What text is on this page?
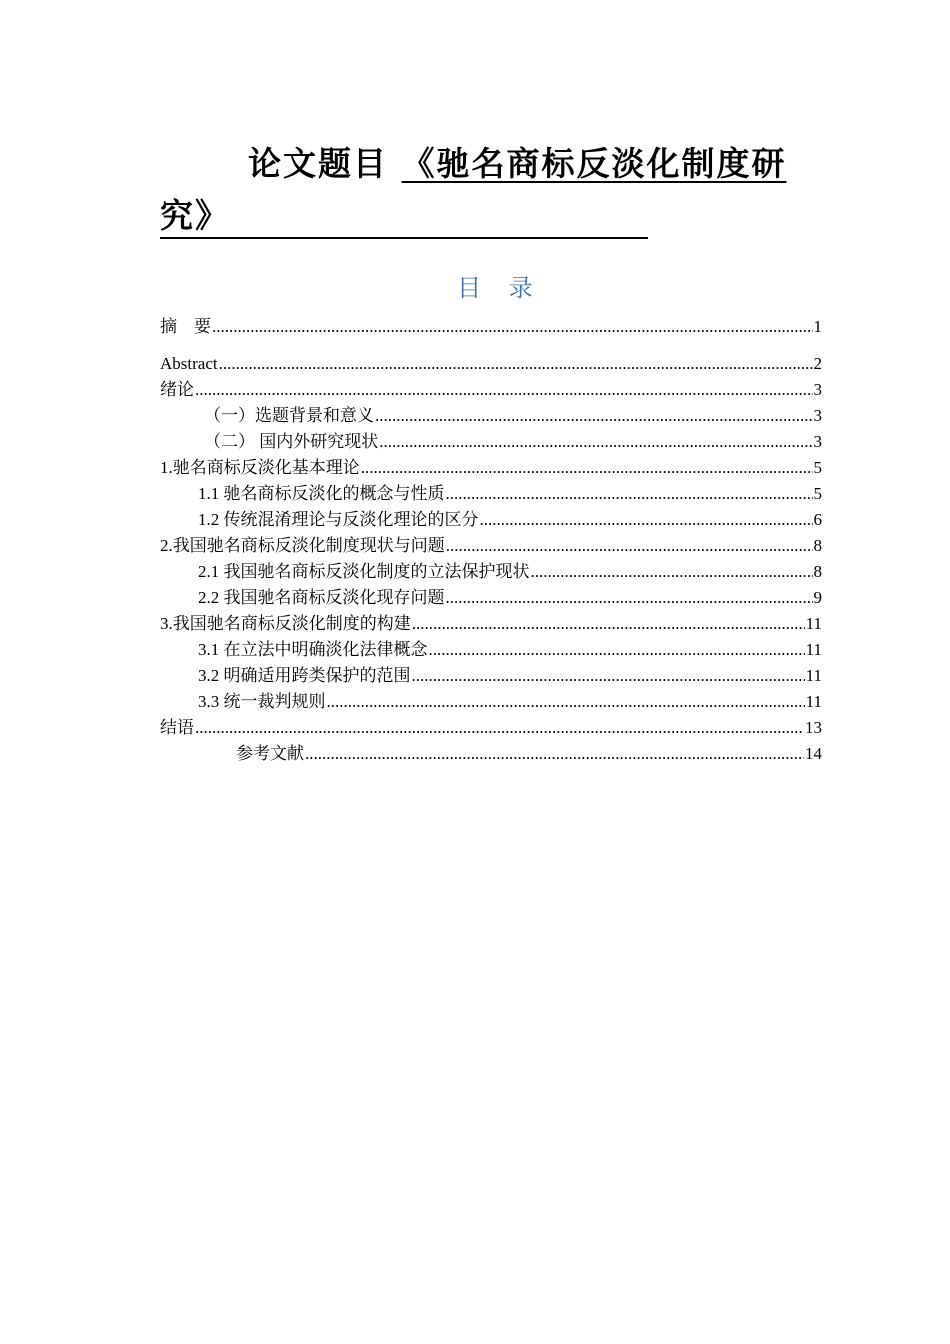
论文题目 《驰名商标反淡化制度研
究》
目 录
摘　要 .....	1
Abstract .....	2
绪论 .....	3
（一）选题背景和意义 .....	3
（二） 国内外研究现状 .....	3
1.驰名商标反淡化基本理论 .....	5
1.1 驰名商标反淡化的概念与性质 .....	5
1.2 传统混淆理论与反淡化理论的区分 .....	6
2.我国驰名商标反淡化制度现状与问题 .....	8
2.1 我国驰名商标反淡化制度的立法保护现状 .....	8
2.2 我国驰名商标反淡化现存问题 .....	9
3.我国驰名商标反淡化制度的构建 .....	11
3.1 在立法中明确淡化法律概念 .....	11
3.2 明确适用跨类保护的范围 .....	11
3.3 统一裁判规则 .....	11
结语 .....	13
参考文献 .....	14
